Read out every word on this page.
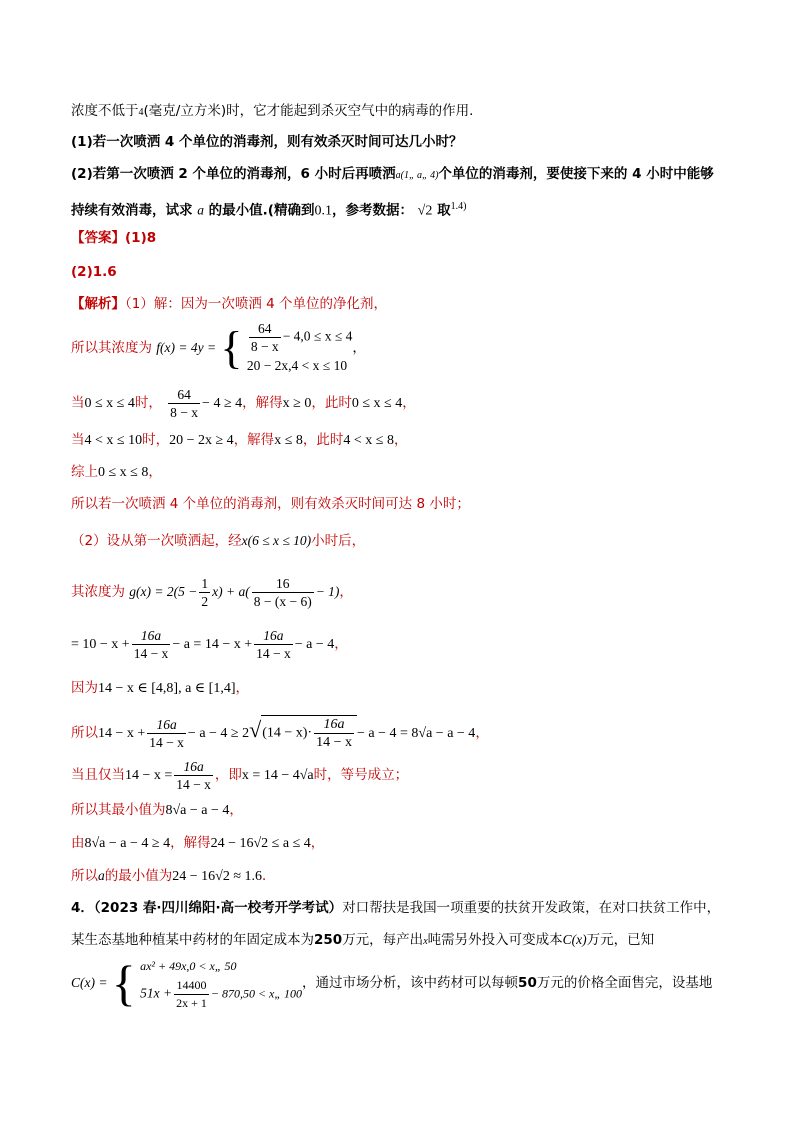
浓度不低于4(毫克/立方米)时，它才能起到杀灭空气中的病毒的作用.
(1)若一次喷洒 4 个单位的消毒剂，则有效杀灭时间可达几小时？
(2)若第一次喷洒 2 个单位的消毒剂，6 小时后再喷洒a(1„ a„ 4)个单位的消毒剂，要使接下来的 4 小时中能够
持续有效消毒，试求 a 的最小值.(精确到0.1，参考数据： √2 取$^{1.4)}$
【答案】(1)8
(2)1.6
【解析】（1）解：因为一次喷洒 4 个单位的净化剂，
所以其浓度为 f(x) = 4y = { $\frac{64}{8 - x} - 4,0 \le x \le 4$
20 − 2x,4 < x ≤ 10
，
当0 ≤ x ≤ 4时， $\frac{64}{8 - x} - 4 \ge 4$，解得x ≥ 0，此时0 ≤ x ≤ 4，
当4 < x ≤ 10时，20 − 2x ≥ 4，解得x ≤ 8，此时4 < x ≤ 8，
综上0 ≤ x ≤ 8，
所以若一次喷洒 4 个单位的消毒剂，则有效杀灭时间可达 8 小时；
（2）设从第一次喷洒起，经x(6 ≤ x ≤ 10)小时后，
其浓度为 $g(x) = 2(5 - \frac{1}{2} x) + a( \frac{16}{8 - (x - 6)} - 1)$，
= $10 - x + \frac{16a}{14 - x} - a = 14 - x + \frac{16a}{14 - x} - a - 4$，
因为14 − x ∈ [4,8], a ∈ [1,4]，
所以$14 - x + \frac{16a}{14 - x} - a - 4 \ge 2√(14 - x)\cdot \frac{16a}{14 - x} - a - 4 = 8√a - a - 4$，
当且仅当$14 - x = \frac{16a}{14 - x}$ ，即x = 14 − 4√a时，等号成立；
所以其最小值为8√a − a − 4，
由8√a − a − 4 ≥ 4，解得24 − 16√2 ≤ a ≤ 4，
所以a的最小值为24 − 16√2 ≈ 1.6．
4．（2023 春·四川绵阳·高一校考开学考试）对口帮扶是我国一项重要的扶贫开发政策，在对口扶贫工作中，
某生态基地种植某中药材的年固定成本为250万元，每产出x吨需另外投入可变成本C(x)万元，已知
C(x) = { ax² + 49x,0 < x„ 50
$51x + \frac{14400}{2x + 1} - 870,50$ < x„ 100
，通过市场分析，该中药材可以每顿50万元的价格全面售完，设基地
